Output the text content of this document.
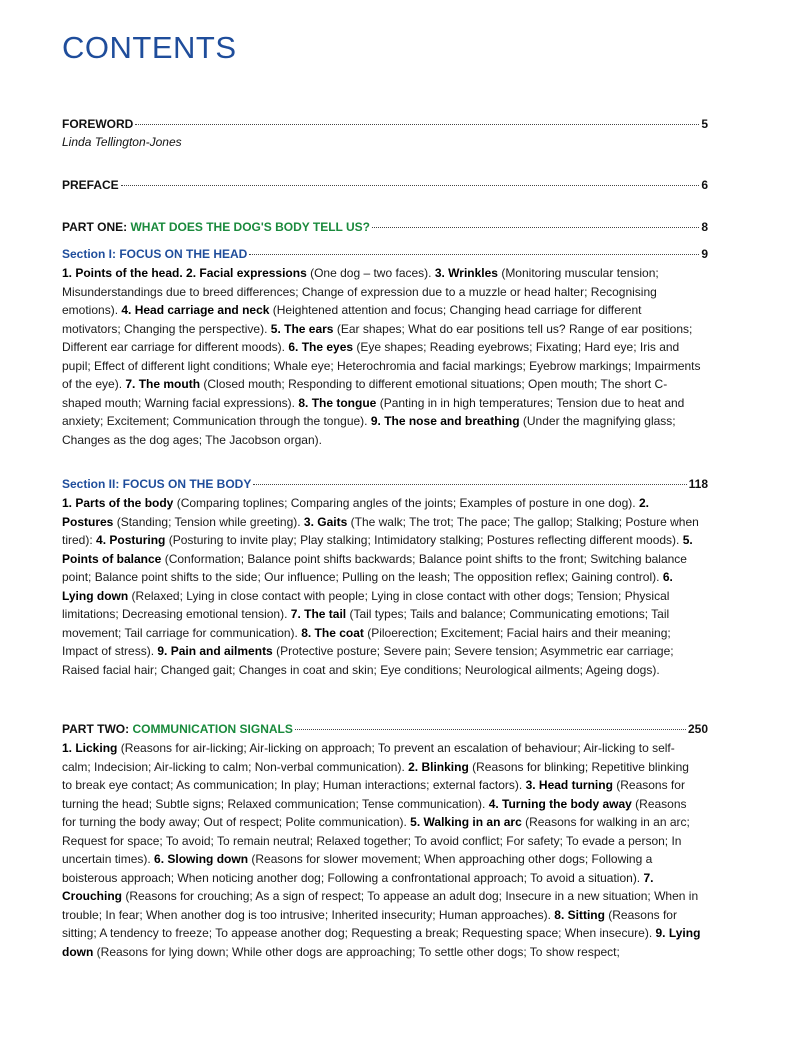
CONTENTS
FOREWORD	5
Linda Tellington-Jones
PREFACE	6
PART ONE: WHAT DOES THE DOG'S BODY TELL US?	8
Section I: FOCUS ON THE HEAD	9
1. Points of the head. 2. Facial expressions (One dog – two faces). 3. Wrinkles (Monitoring muscular tension; Misunderstandings due to breed differences; Change of expression due to a muzzle or head halter; Recognising emotions). 4. Head carriage and neck (Heightened attention and focus; Changing head carriage for different motivators; Changing the perspective). 5. The ears (Ear shapes; What do ear positions tell us? Range of ear positions; Different ear carriage for different moods). 6. The eyes (Eye shapes; Reading eyebrows; Fixating; Hard eye; Iris and pupil; Effect of different light conditions; Whale eye; Heterochromia and facial markings; Eyebrow markings; Impairments of the eye). 7. The mouth (Closed mouth; Responding to different emotional situations; Open mouth; The short C-shaped mouth; Warning facial expressions). 8. The tongue (Panting in in high temperatures; Tension due to heat and anxiety; Excitement; Communication through the tongue). 9. The nose and breathing (Under the magnifying glass; Changes as the dog ages; The Jacobson organ).
Section II: FOCUS ON THE BODY	118
1. Parts of the body (Comparing toplines; Comparing angles of the joints; Examples of posture in one dog). 2. Postures (Standing; Tension while greeting). 3. Gaits (The walk; The trot; The pace; The gallop; Stalking; Posture when tired): 4. Posturing (Posturing to invite play; Play stalking; Intimidatory stalking; Postures reflecting different moods). 5. Points of balance (Conformation; Balance point shifts backwards; Balance point shifts to the front; Switching balance point; Balance point shifts to the side; Our influence; Pulling on the leash; The opposition reflex; Gaining control). 6. Lying down (Relaxed; Lying in close contact with people; Lying in close contact with other dogs; Tension; Physical limitations; Decreasing emotional tension). 7. The tail (Tail types; Tails and balance; Communicating emotions; Tail movement; Tail carriage for communication). 8. The coat (Piloerection; Excitement; Facial hairs and their meaning; Impact of stress). 9. Pain and ailments (Protective posture; Severe pain; Severe tension; Asymmetric ear carriage; Raised facial hair; Changed gait; Changes in coat and skin; Eye conditions; Neurological ailments; Ageing dogs).
PART TWO: COMMUNICATION SIGNALS	250
1. Licking (Reasons for air-licking; Air-licking on approach; To prevent an escalation of behaviour; Air-licking to self-calm; Indecision; Air-licking to calm; Non-verbal communication). 2. Blinking (Reasons for blinking; Repetitive blinking to break eye contact; As communication; In play; Human interactions; external factors). 3. Head turning (Reasons for turning the head; Subtle signs; Relaxed communication; Tense communication). 4. Turning the body away (Reasons for turning the body away; Out of respect; Polite communication). 5. Walking in an arc (Reasons for walking in an arc; Request for space; To avoid; To remain neutral; Relaxed together; To avoid conflict; For safety; To evade a person; In uncertain times). 6. Slowing down (Reasons for slower movement; When approaching other dogs; Following a boisterous approach; When noticing another dog; Following a confrontational approach; To avoid a situation). 7. Crouching (Reasons for crouching; As a sign of respect; To appease an adult dog; Insecure in a new situation; When in trouble; In fear; When another dog is too intrusive; Inherited insecurity; Human approaches). 8. Sitting (Reasons for sitting; A tendency to freeze; To appease another dog; Requesting a break; Requesting space; When insecure). 9. Lying down (Reasons for lying down; While other dogs are approaching; To settle other dogs; To show respect;
